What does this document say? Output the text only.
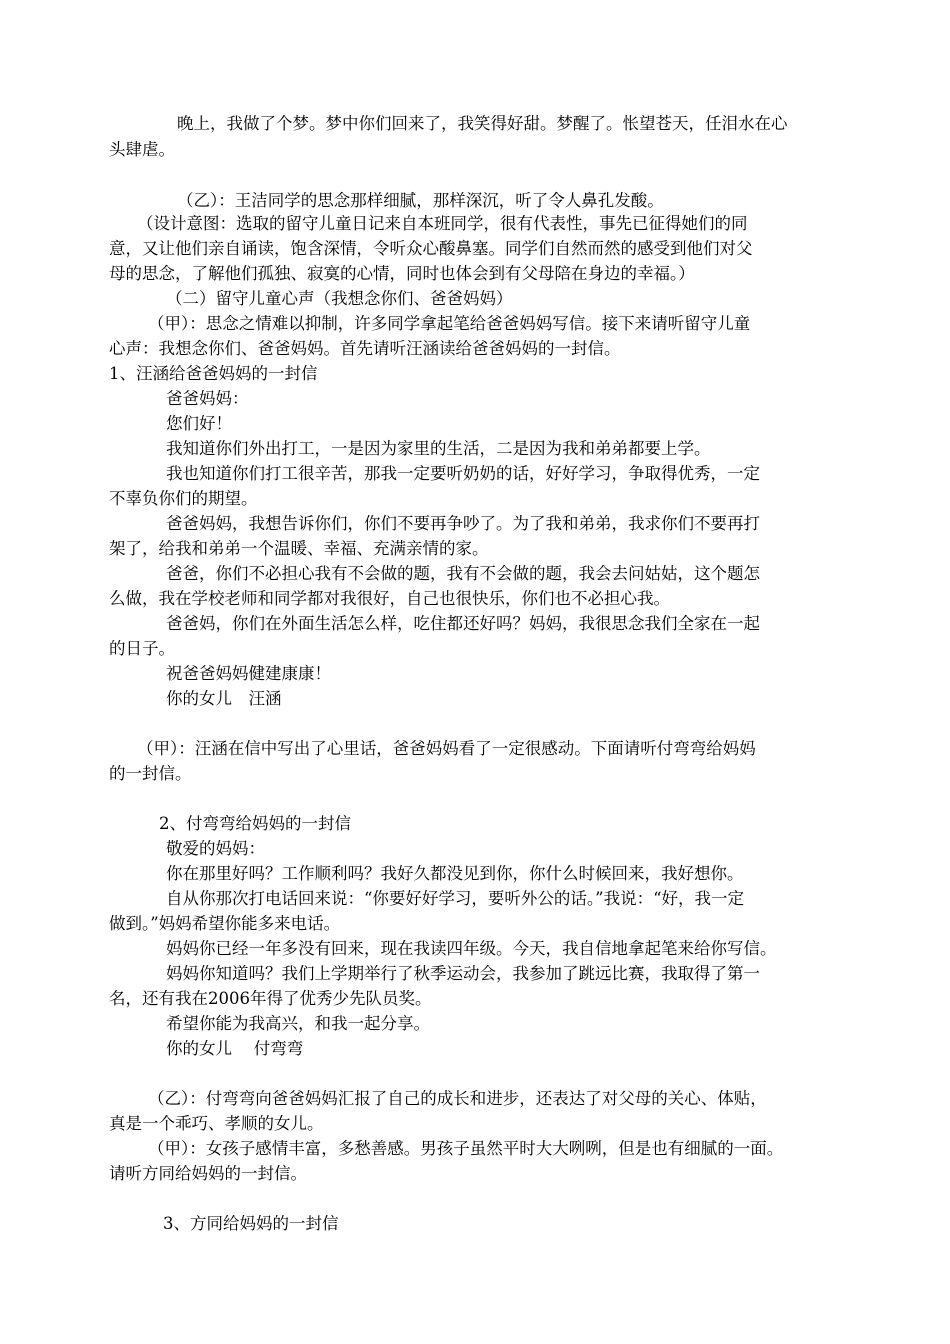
晚上，我做了个梦。梦中你们回来了，我笑得好甜。梦醒了。怅望苍天，任泪水在心
头肆虐。
（乙）：王洁同学的思念那样细腻，那样深沉，听了令人鼻孔发酸。
（设计意图：选取的留守儿童日记来自本班同学，很有代表性，事先已征得她们的同
意，又让他们亲自诵读，饱含深情，令听众心酸鼻塞。同学们自然而然的感受到他们对父
母的思念，了解他们孤独、寂寞的心情，同时也体会到有父母陪在身边的幸福。）
（二）留守儿童心声（我想念你们、爸爸妈妈）
（甲）：思念之情难以抑制，许多同学拿起笔给爸爸妈妈写信。接下来请听留守儿童
心声：我想念你们、爸爸妈妈。首先请听汪涵读给爸爸妈妈的一封信。
1、汪涵给爸爸妈妈的一封信
爸爸妈妈：
您们好！
我知道你们外出打工，一是因为家里的生活，二是因为我和弟弟都要上学。
我也知道你们打工很辛苦，那我一定要听奶奶的话，好好学习，争取得优秀，一定
不辜负你们的期望。
爸爸妈妈，我想告诉你们，你们不要再争吵了。为了我和弟弟，我求你们不要再打
架了，给我和弟弟一个温暖、幸福、充满亲情的家。
爸爸，你们不必担心我有不会做的题，我有不会做的题，我会去问姑姑，这个题怎
么做，我在学校老师和同学都对我很好，自己也很快乐，你们也不必担心我。
爸爸妈，你们在外面生活怎么样，吃住都还好吗？妈妈，我很思念我们全家在一起
的日子。
祝爸爸妈妈健建康康！
你的女儿　汪涵
（甲）：汪涵在信中写出了心里话，爸爸妈妈看了一定很感动。下面请听付弯弯给妈妈
的一封信。
2、付弯弯给妈妈的一封信
敬爱的妈妈：
你在那里好吗？工作顺利吗？我好久都没见到你，你什么时候回来，我好想你。
自从你那次打电话回来说：“你要好好学习，要听外公的话。”我说：“好，我一定
做到。”妈妈希望你能多来电话。
妈妈你已经一年多没有回来，现在我读四年级。今天，我自信地拿起笔来给你写信。
妈妈你知道吗？我们上学期举行了秋季运动会，我参加了跳远比赛，我取得了第一
名，还有我在2006年得了优秀少先队员奖。
希望你能为我高兴，和我一起分享。
你的女儿　 付弯弯
（乙）：付弯弯向爸爸妈妈汇报了自己的成长和进步，还表达了对父母的关心、体贴，
真是一个乖巧、孝顺的女儿。
（甲）：女孩子感情丰富，多愁善感。男孩子虽然平时大大咧咧，但是也有细腻的一面。
请听方同给妈妈的一封信。
3、方同给妈妈的一封信
